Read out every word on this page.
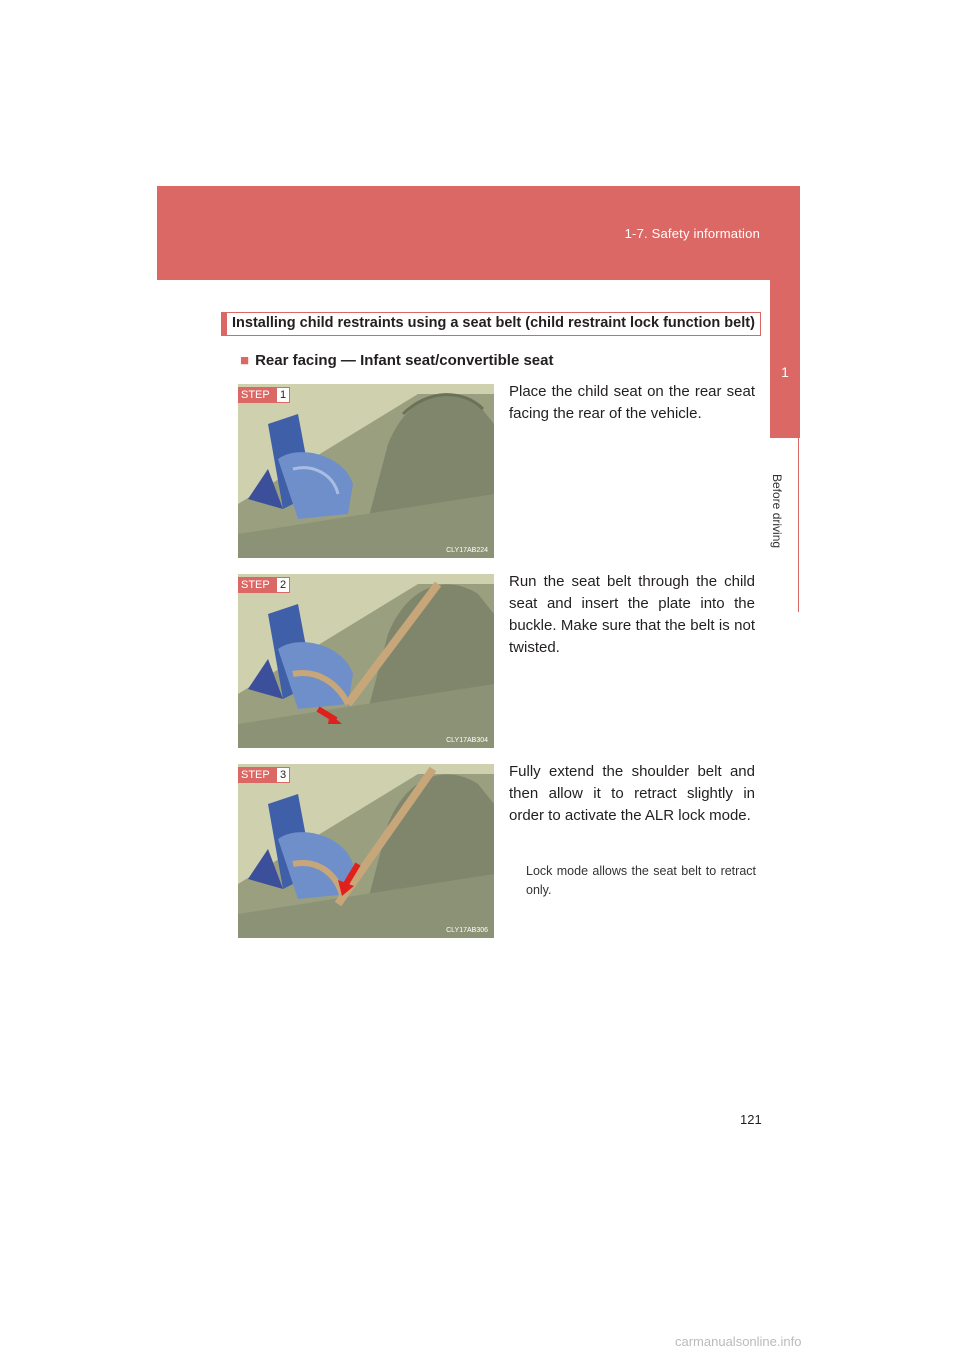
1-7. Safety information
1
Before driving
Installing child restraints using a seat belt (child restraint lock function belt)
■ Rear facing — Infant seat/convertible seat
CLY17AB224
STEP 1	Place the child seat on the rear seat facing the rear of the vehicle.
CLY17AB304
STEP 2	Run the seat belt through the child seat and insert the plate into the buckle. Make sure that the belt is not twisted.
CLY17AB306
STEP 3	Fully extend the shoulder belt and then allow it to retract slightly in order to activate the ALR lock mode.
Lock mode allows the seat belt to retract only.
121
carmanualsonline.info
